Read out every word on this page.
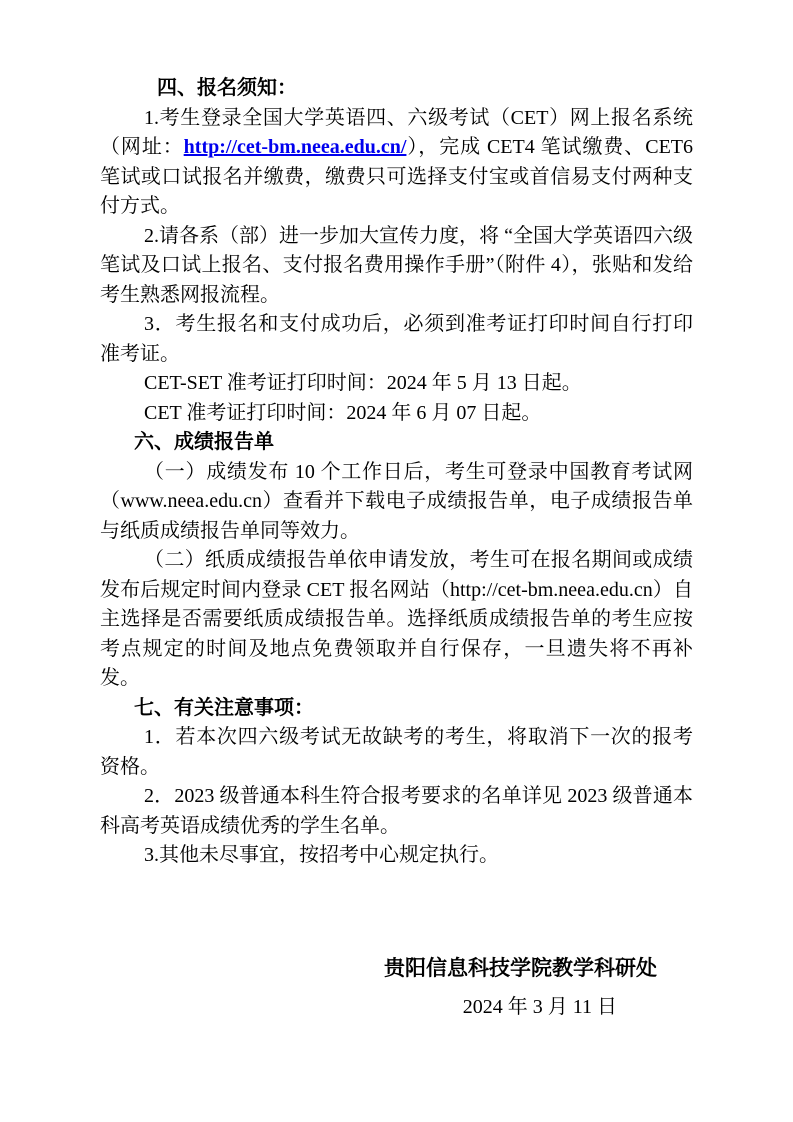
四、报名须知：

1.考生登录全国大学英语四、六级考试（CET）网上报名系统（网址：http://cet-bm.neea.edu.cn/），完成 CET4 笔试缴费、CET6 笔试或口试报名并缴费，缴费只可选择支付宝或首信易支付两种支付方式。

2.请各系（部）进一步加大宣传力度，将 “全国大学英语四六级笔试及口试上报名、支付报名费用操作手册”（附件 4），张贴和发给考生熟悉网报流程。

3．考生报名和支付成功后，必须到准考证打印时间自行打印准考证。

CET-SET 准考证打印时间：2024 年 5 月 13 日起。

CET 准考证打印时间：2024 年 6 月 07 日起。

六、成绩报告单

（一）成绩发布 10 个工作日后，考生可登录中国教育考试网（www.neea.edu.cn）查看并下载电子成绩报告单，电子成绩报告单与纸质成绩报告单同等效力。

（二）纸质成绩报告单依申请发放，考生可在报名期间或成绩发布后规定时间内登录 CET 报名网站（http://cet-bm.neea.edu.cn）自主选择是否需要纸质成绩报告单。选择纸质成绩报告单的考生应按考点规定的时间及地点免费领取并自行保存，一旦遗失将不再补发。

七、有关注意事项：

1．若本次四六级考试无故缺考的考生，将取消下一次的报考资格。

2．2023 级普通本科生符合报考要求的名单详见 2023 级普通本科高考英语成绩优秀的学生名单。

3.其他未尽事宜，按招考中心规定执行。

贵阳信息科技学院教学科研处
2024 年 3 月 11 日
